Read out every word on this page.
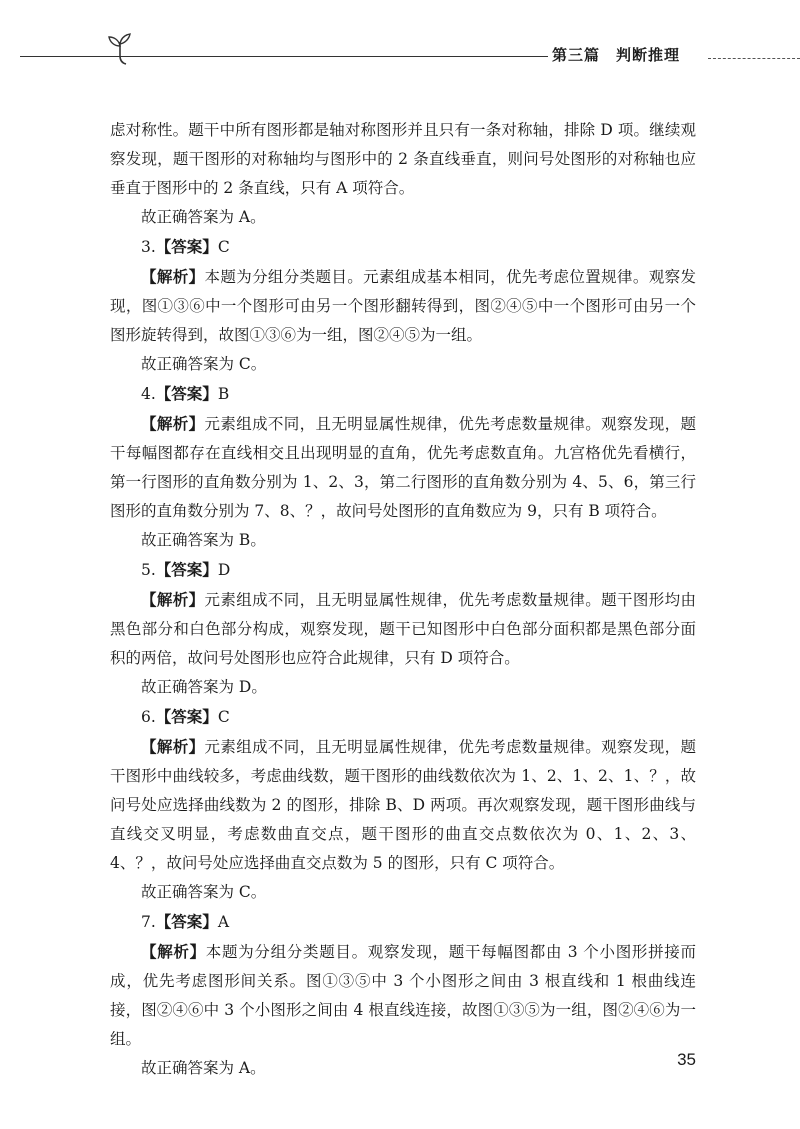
第三篇　判断推理

虑对称性。题干中所有图形都是轴对称图形并且只有一条对称轴，排除 D 项。继续观察发现，题干图形的对称轴均与图形中的 2 条直线垂直，则问号处图形的对称轴也应垂直于图形中的 2 条直线，只有 A 项符合。

故正确答案为 A。

3.【答案】C

【解析】本题为分组分类题目。元素组成基本相同，优先考虑位置规律。观察发现，图①③⑥中一个图形可由另一个图形翻转得到，图②④⑤中一个图形可由另一个图形旋转得到，故图①③⑥为一组，图②④⑤为一组。

故正确答案为 C。

4.【答案】B

【解析】元素组成不同，且无明显属性规律，优先考虑数量规律。观察发现，题干每幅图都存在直线相交且出现明显的直角，优先考虑数直角。九宫格优先看横行，第一行图形的直角数分别为 1、2、3，第二行图形的直角数分别为 4、5、6，第三行图形的直角数分别为 7、8、？，故问号处图形的直角数应为 9，只有 B 项符合。

故正确答案为 B。

5.【答案】D

【解析】元素组成不同，且无明显属性规律，优先考虑数量规律。题干图形均由黑色部分和白色部分构成，观察发现，题干已知图形中白色部分面积都是黑色部分面积的两倍，故问号处图形也应符合此规律，只有 D 项符合。

故正确答案为 D。

6.【答案】C

【解析】元素组成不同，且无明显属性规律，优先考虑数量规律。观察发现，题干图形中曲线较多，考虑曲线数，题干图形的曲线数依次为 1、2、1、2、1、？，故问号处应选择曲线数为 2 的图形，排除 B、D 两项。再次观察发现，题干图形曲线与直线交叉明显，考虑数曲直交点，题干图形的曲直交点数依次为 0、1、2、3、4、？，故问号处应选择曲直交点数为 5 的图形，只有 C 项符合。

故正确答案为 C。

7.【答案】A

【解析】本题为分组分类题目。观察发现，题干每幅图都由 3 个小图形拼接而成，优先考虑图形间关系。图①③⑤中 3 个小图形之间由 3 根直线和 1 根曲线连接，图②④⑥中 3 个小图形之间由 4 根直线连接，故图①③⑤为一组，图②④⑥为一组。

故正确答案为 A。	35
